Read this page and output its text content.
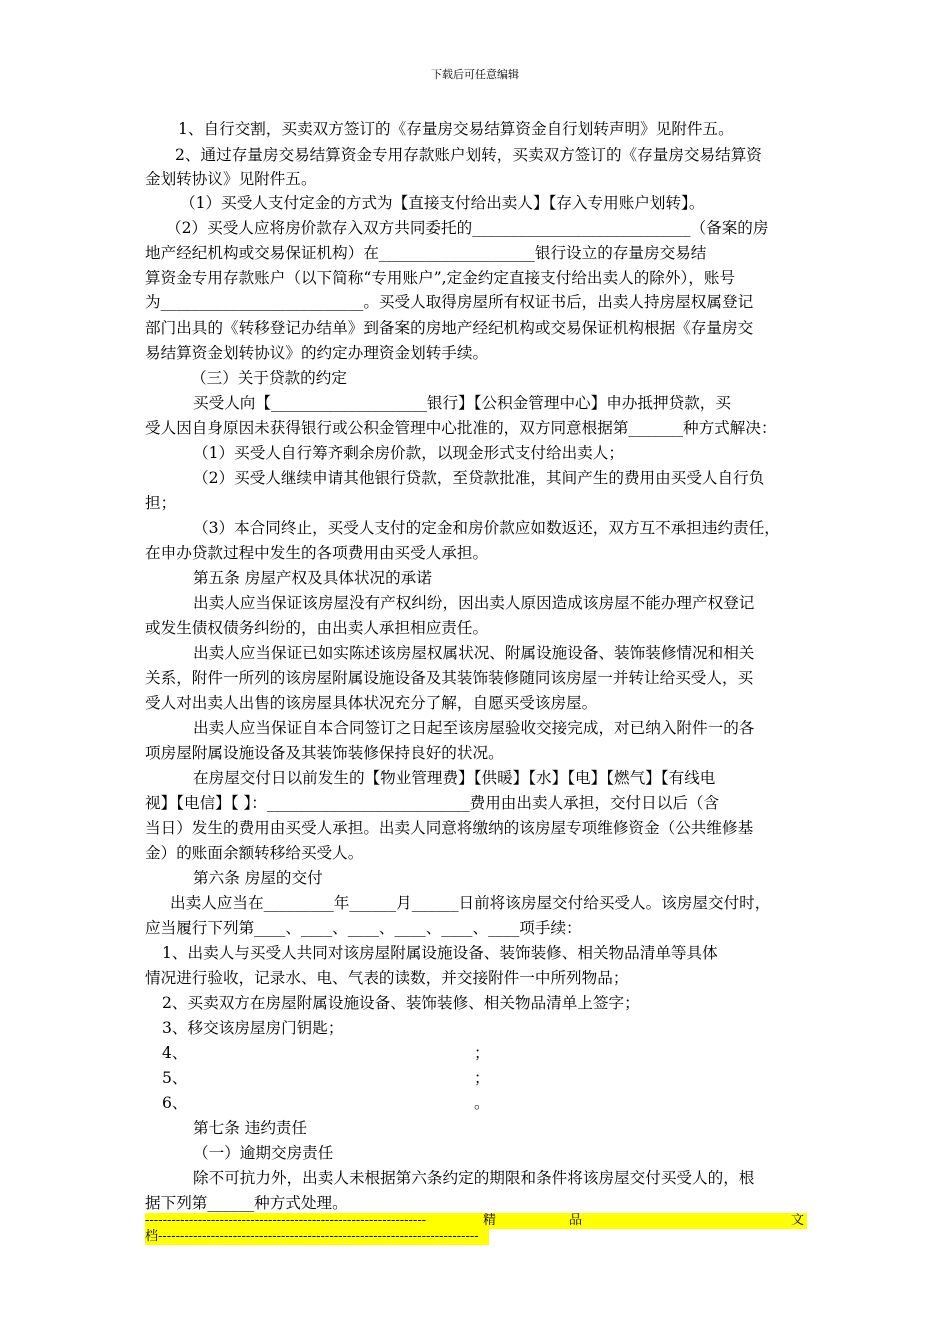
下载后可任意编辑
1、自行交割，买卖双方签订的《存量房交易结算资金自行划转声明》见附件五。
2、通过存量房交易结算资金专用存款账户划转，买卖双方签订的《存量房交易结算资
金划转协议》见附件五。
（1）买受人支付定金的方式为【直接支付给出卖人】【存入专用账户划转】。
（2）买受人应将房价款存入双方共同委托的____________________________（备案的房
地产经纪机构或交易保证机构）在____________________银行设立的存量房交易结
算资金专用存款账户（以下简称“专用账户”,定金约定直接支付给出卖人的除外），账号
为__________________________。买受人取得房屋所有权证书后，出卖人持房屋权属登记
部门出具的《转移登记办结单》到备案的房地产经纪机构或交易保证机构根据《存量房交
易结算资金划转协议》的约定办理资金划转手续。
（三）关于贷款的约定
买受人向【____________________银行】【公积金管理中心】申办抵押贷款，买
受人因自身原因未获得银行或公积金管理中心批准的，双方同意根据第_______种方式解决：
（1）买受人自行筹齐剩余房价款，以现金形式支付给出卖人；
（2）买受人继续申请其他银行贷款，至贷款批准，其间产生的费用由买受人自行负
担；
（3）本合同终止，买受人支付的定金和房价款应如数返还，双方互不承担违约责任，
在申办贷款过程中发生的各项费用由买受人承担。
第五条 房屋产权及具体状况的承诺
出卖人应当保证该房屋没有产权纠纷，因出卖人原因造成该房屋不能办理产权登记
或发生债权债务纠纷的，由出卖人承担相应责任。
出卖人应当保证已如实陈述该房屋权属状况、附属设施设备、装饰装修情况和相关
关系，附件一所列的该房屋附属设施设备及其装饰装修随同该房屋一并转让给买受人，买
受人对出卖人出售的该房屋具体状况充分了解，自愿买受该房屋。
出卖人应当保证自本合同签订之日起至该房屋验收交接完成，对已纳入附件一的各
项房屋附属设施设备及其装饰装修保持良好的状况。
在房屋交付日以前发生的【物业管理费】【供暖】【水】【电】【燃气】【有线电
视】【电信】【 】：__________________________费用由出卖人承担，交付日以后（含
当日）发生的费用由买受人承担。出卖人同意将缴纳的该房屋专项维修资金（公共维修基
金）的账面余额转移给买受人。
第六条 房屋的交付
出卖人应当在_________年______月______日前将该房屋交付给买受人。该房屋交付时，
应当履行下列第____、____、____、____、____、____项手续：
1、出卖人与买受人共同对该房屋附属设施设备、装饰装修、相关物品清单等具体
情况进行验收，记录水、电、气表的读数，并交接附件一中所列物品；
2、买卖双方在房屋附属设施设备、装饰装修、相关物品清单上签字；
3、移交该房屋房门钥匙；
4、	；
5、	；
6、	。
第七条 违约责任
（一）逾期交房责任
除不可抗力外，出卖人未根据第六条约定的期限和条件将该房屋交付买受人的，根
据下列第______种方式处理。
----------------------------------------------------------------	精	品	文
档-------------------------------------------------------------------------
